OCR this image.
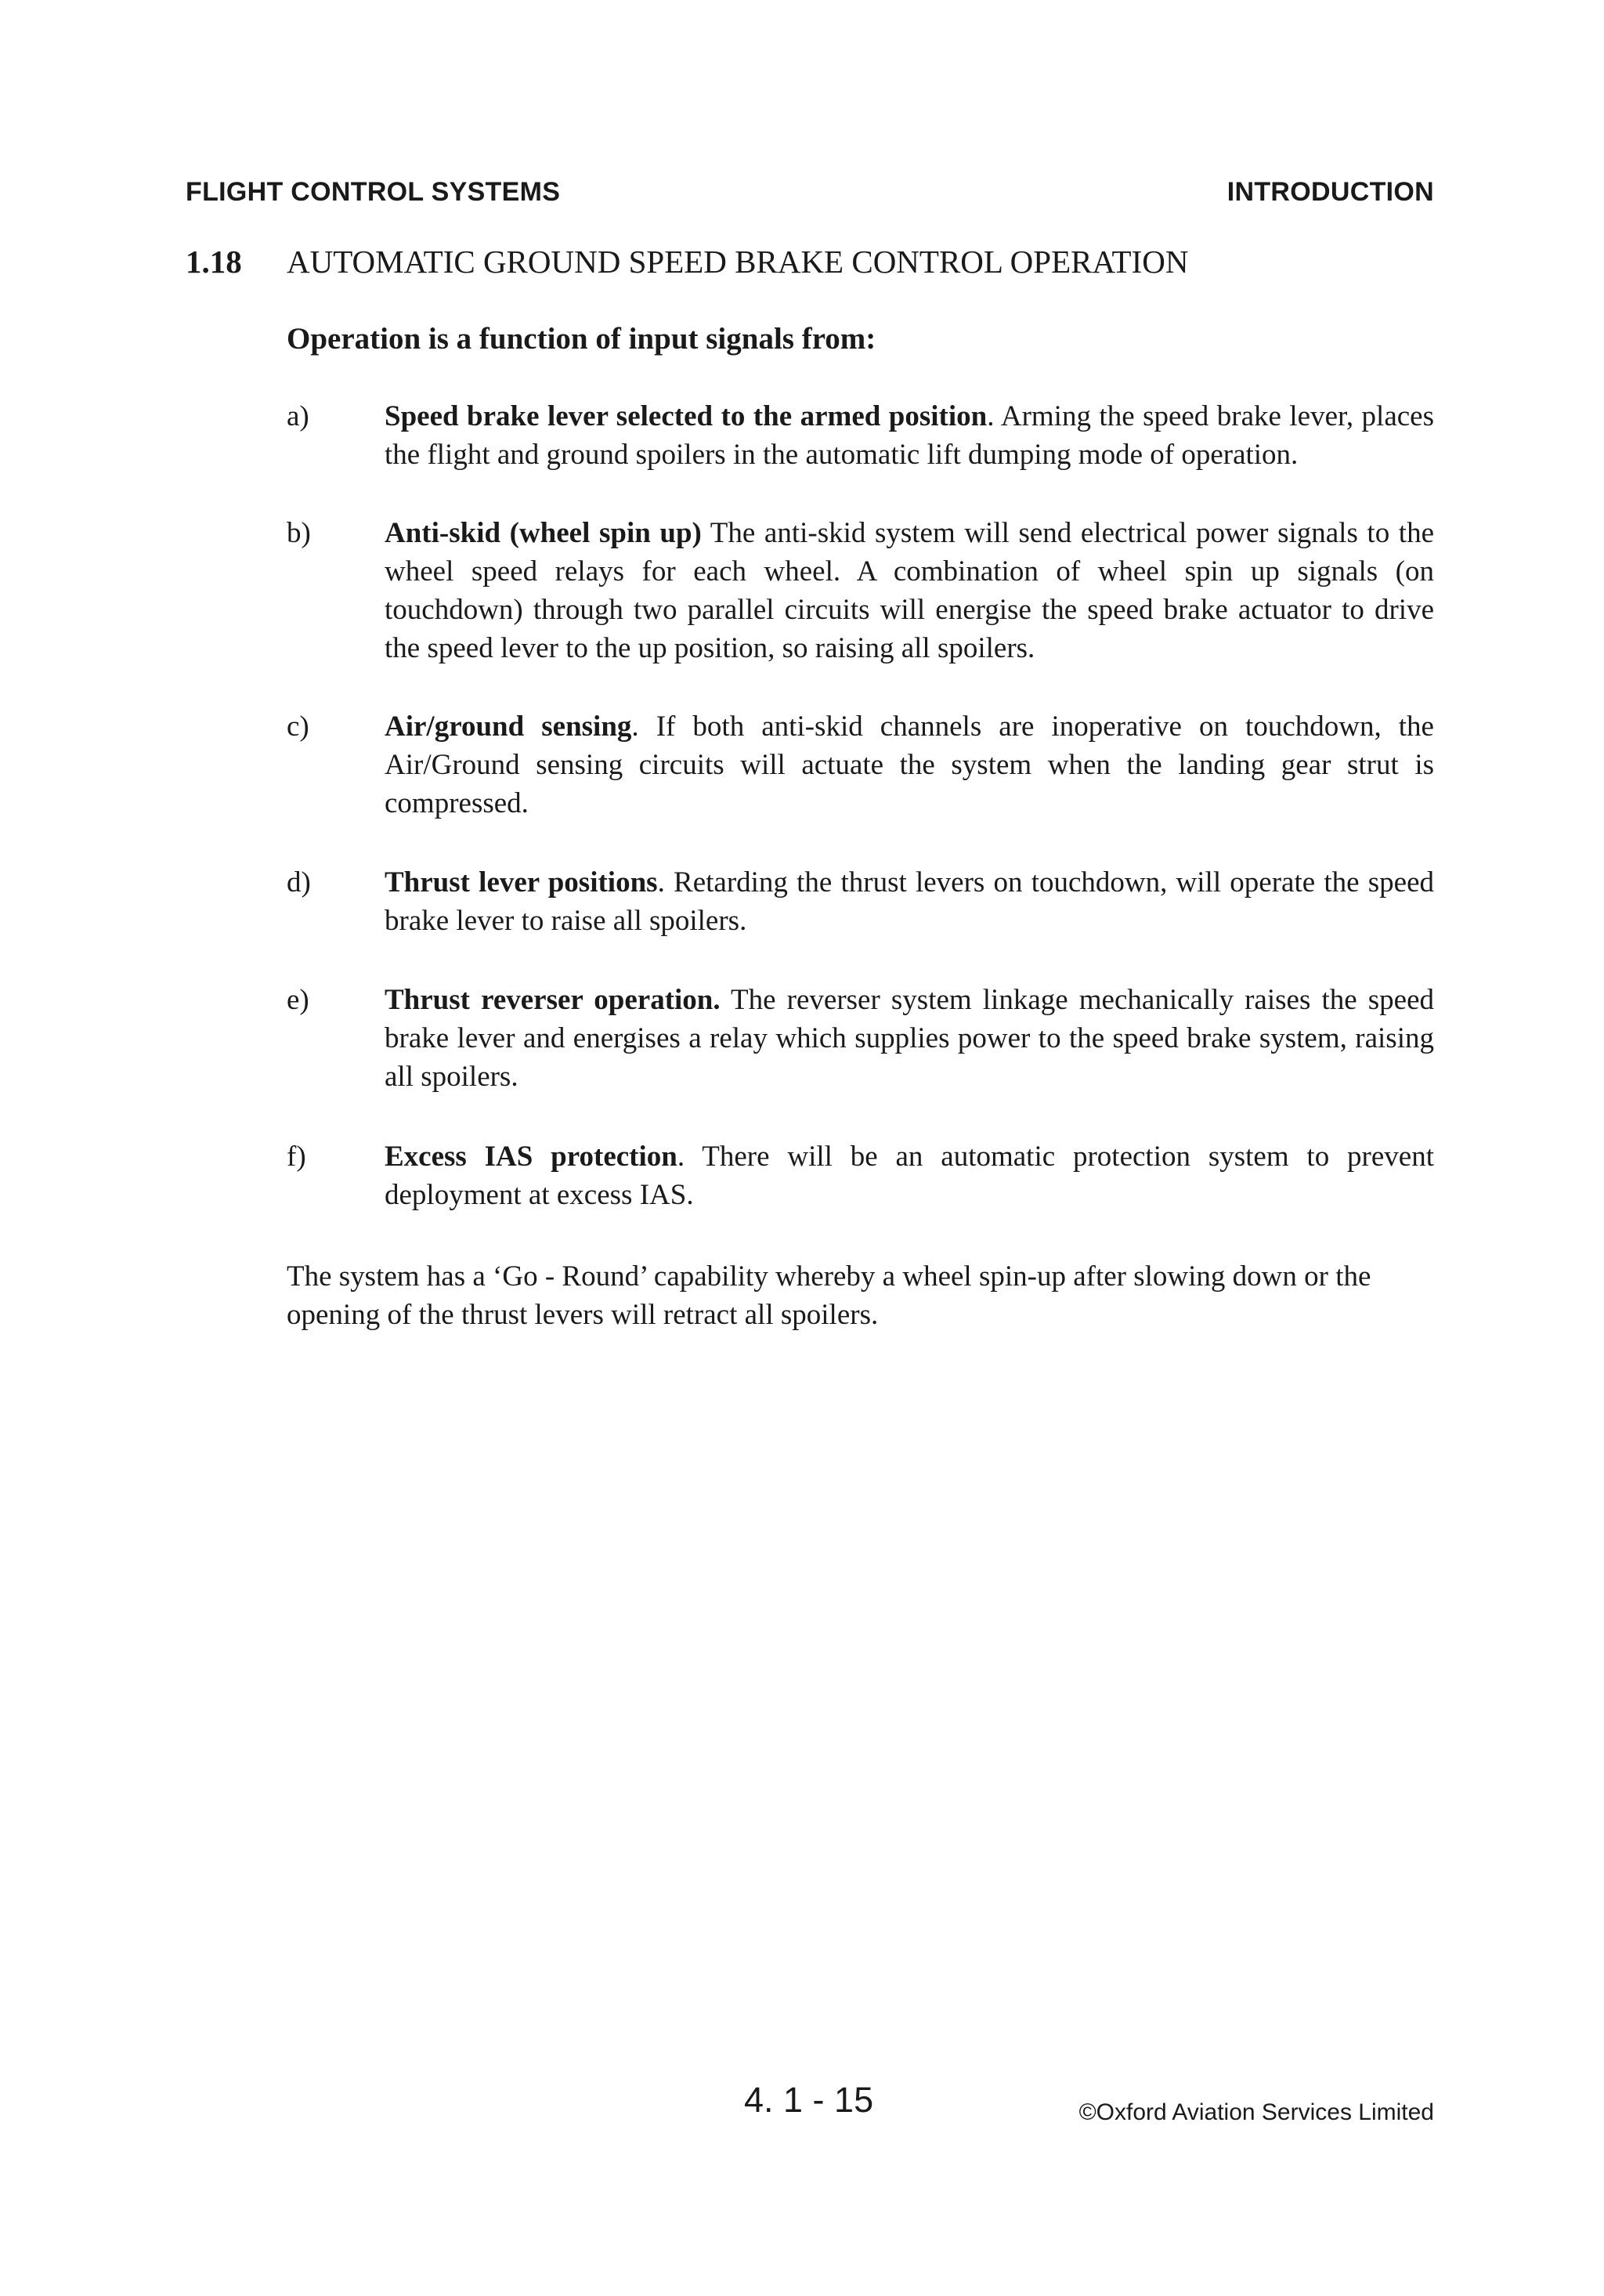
FLIGHT CONTROL SYSTEMS	INTRODUCTION
1.18 AUTOMATIC GROUND SPEED BRAKE CONTROL OPERATION
Operation is a function of input signals from:
a)	Speed brake lever selected to the armed position. Arming the speed brake lever, places the flight and ground spoilers in the automatic lift dumping mode of operation.
b)	Anti-skid (wheel spin up) The anti-skid system will send electrical power signals to the wheel speed relays for each wheel. A combination of wheel spin up signals (on touchdown) through two parallel circuits will energise the speed brake actuator to drive the speed lever to the up position, so raising all spoilers.
c)	Air/ground sensing. If both anti-skid channels are inoperative on touchdown, the Air/Ground sensing circuits will actuate the system when the landing gear strut is compressed.
d)	Thrust lever positions. Retarding the thrust levers on touchdown, will operate the speed brake lever to raise all spoilers.
e)	Thrust reverser operation. The reverser system linkage mechanically raises the speed brake lever and energises a relay which supplies power to the speed brake system, raising all spoilers.
f)	Excess IAS protection. There will be an automatic protection system to prevent deployment at excess IAS.
The system has a ‘Go - Round’ capability whereby a wheel spin-up after slowing down or the opening of the thrust levers will retract all spoilers.
4. 1 - 15	©Oxford Aviation Services Limited
